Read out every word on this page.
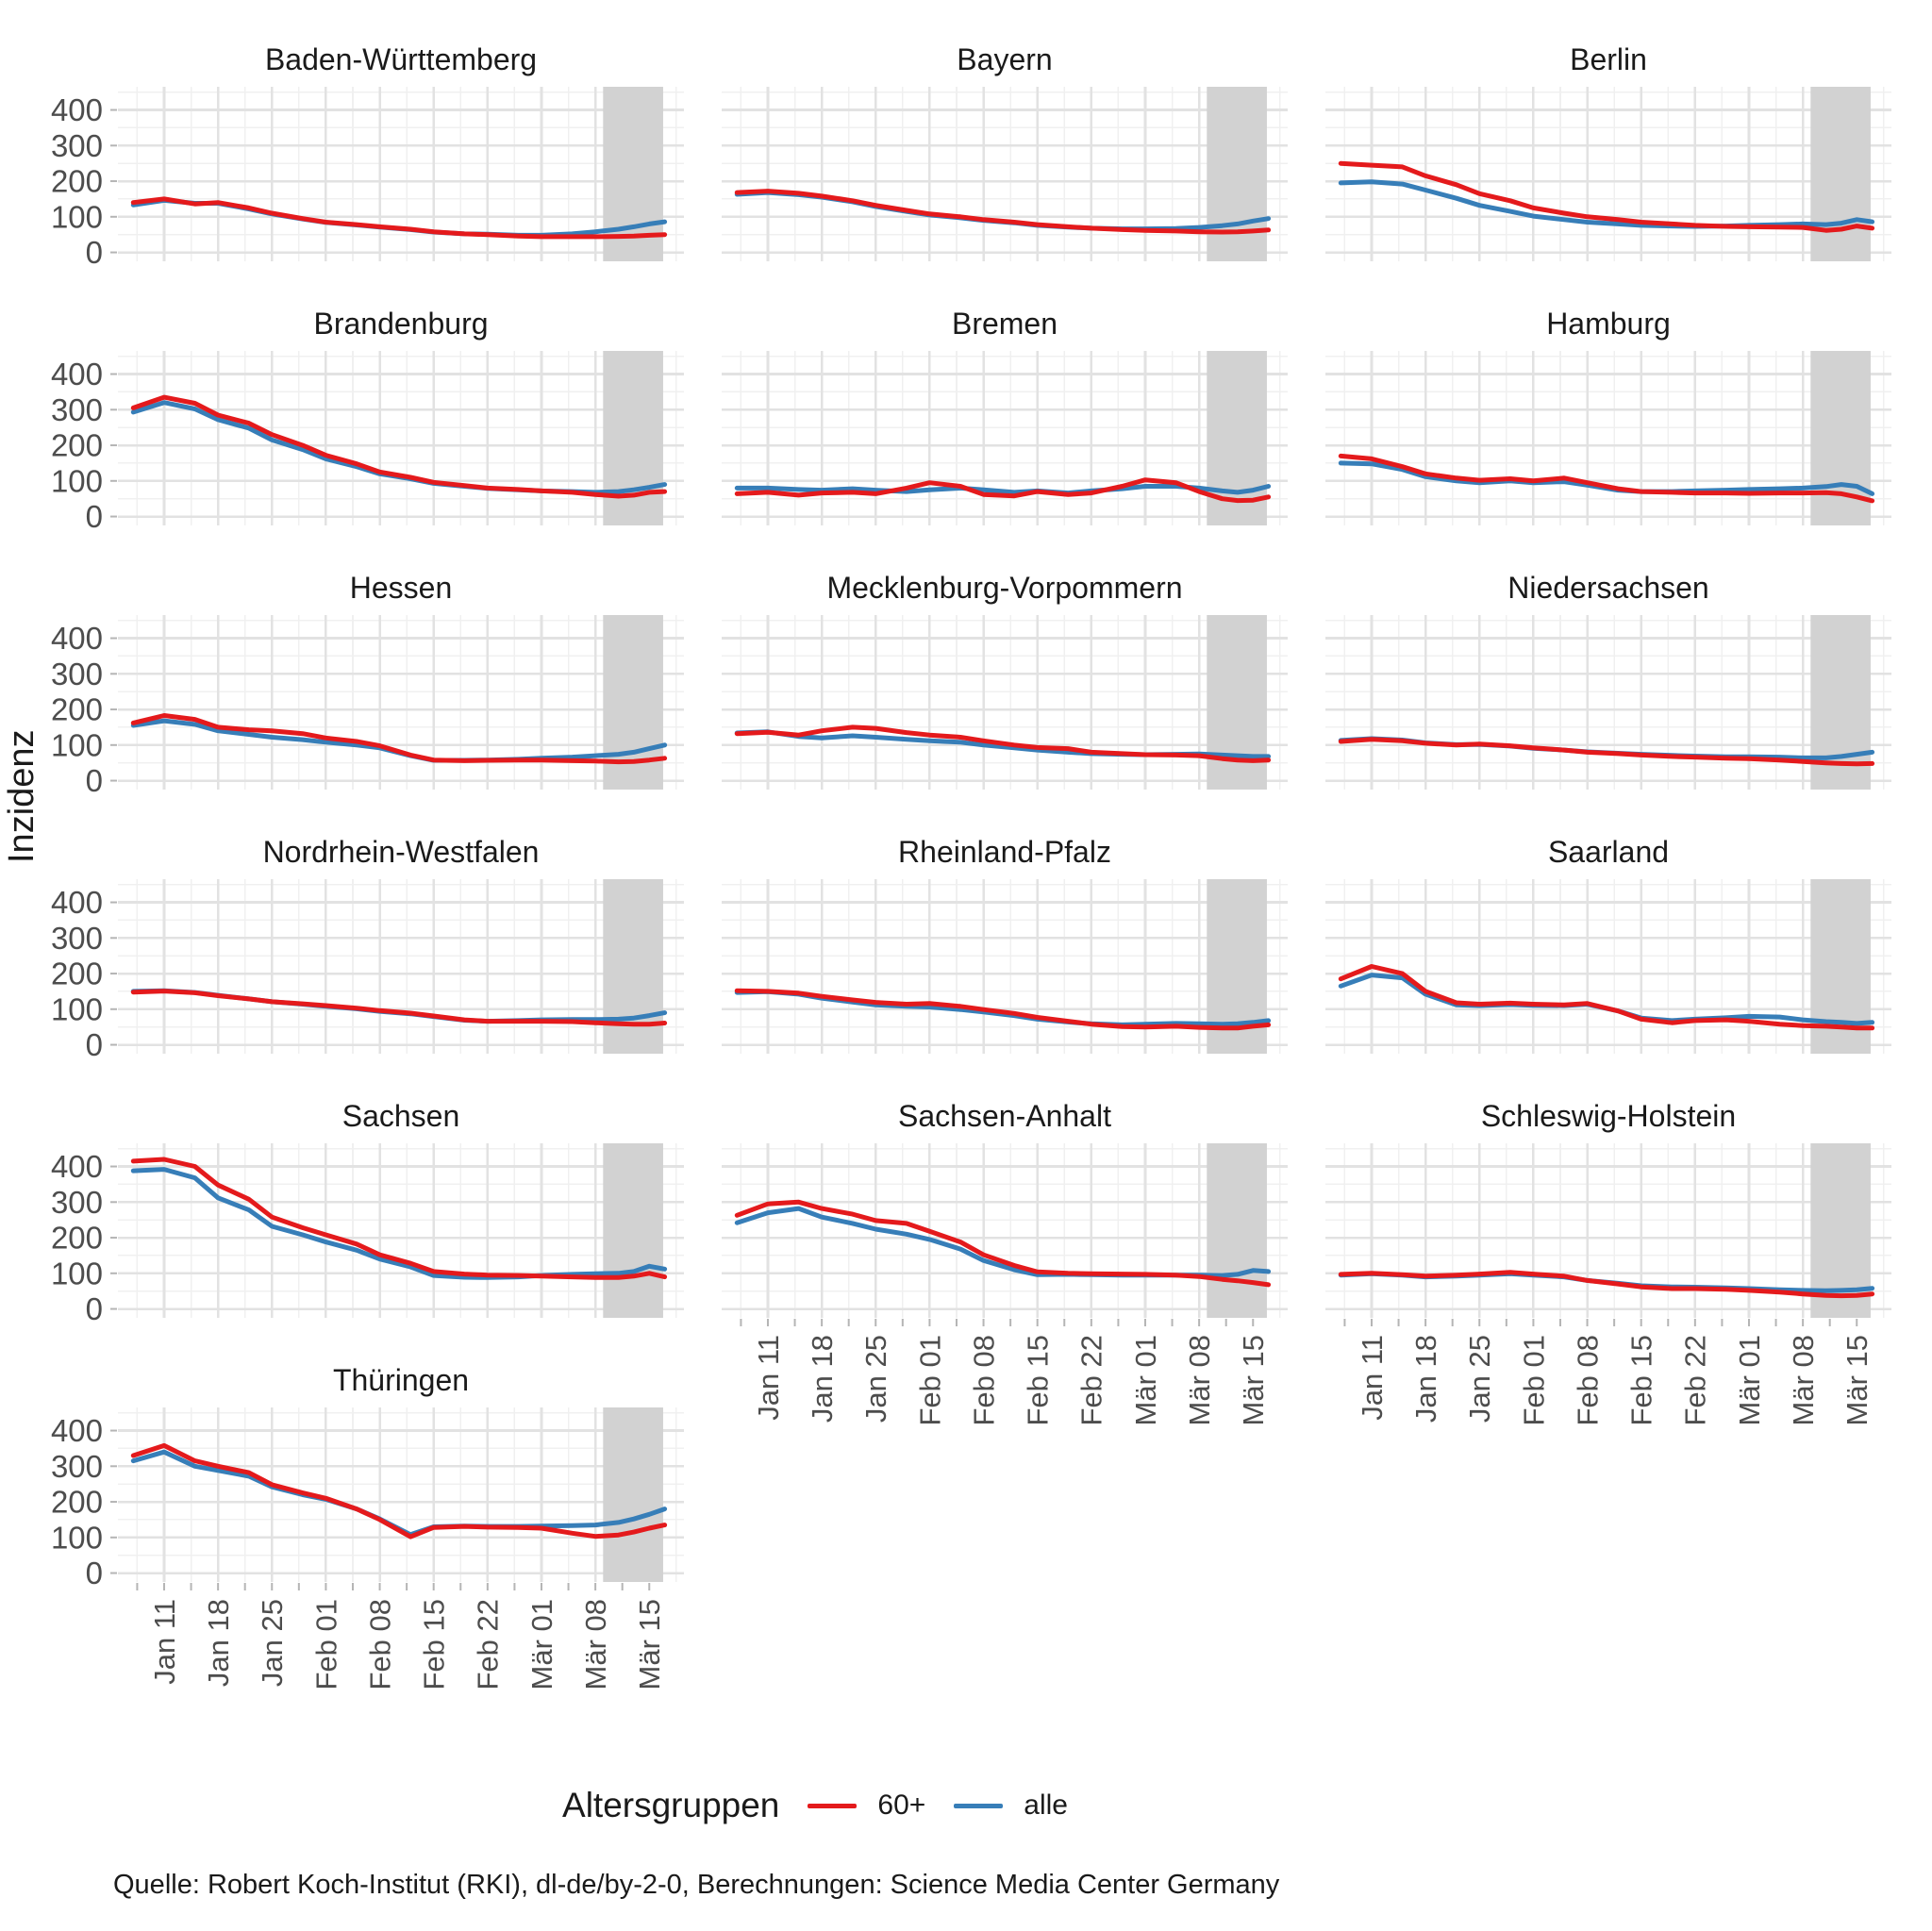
Baden-Württemberg
0
100
200
300
400
Bayern	Berlin
Brandenburg
0
100
200
300
400
Bremen	Hamburg
Hessen
0
100
200
300
400
Mecklenburg-Vorpommern	Niedersachsen
Nordrhein-Westfalen
0
100
200
300
400
Rheinland-Pfalz	Saarland
Sachsen
0
100
200
300
400
Sachsen-Anhalt
Jan 11 Jan 18 Jan 25 Feb 01 Feb 08 Feb 15 Feb 22 Mär 01 Mär 08 Mär 15
Schleswig-Holstein
Jan 11 Jan 18 Jan 25 Feb 01 Feb 08 Feb 15 Feb 22 Mär 01 Mär 08 Mär 15
Thüringen
0
100
200
300
400
Jan 11 Jan 18 Jan 25 Feb 01 Feb 08 Feb 15 Feb 22 Mär 01 Mär 08 Mär 15
Inzidenz
Altersgruppen	60+	alle
Quelle: Robert Koch-Institut (RKI), dl-de/by-2-0, Berechnungen: Science Media Center Germany
